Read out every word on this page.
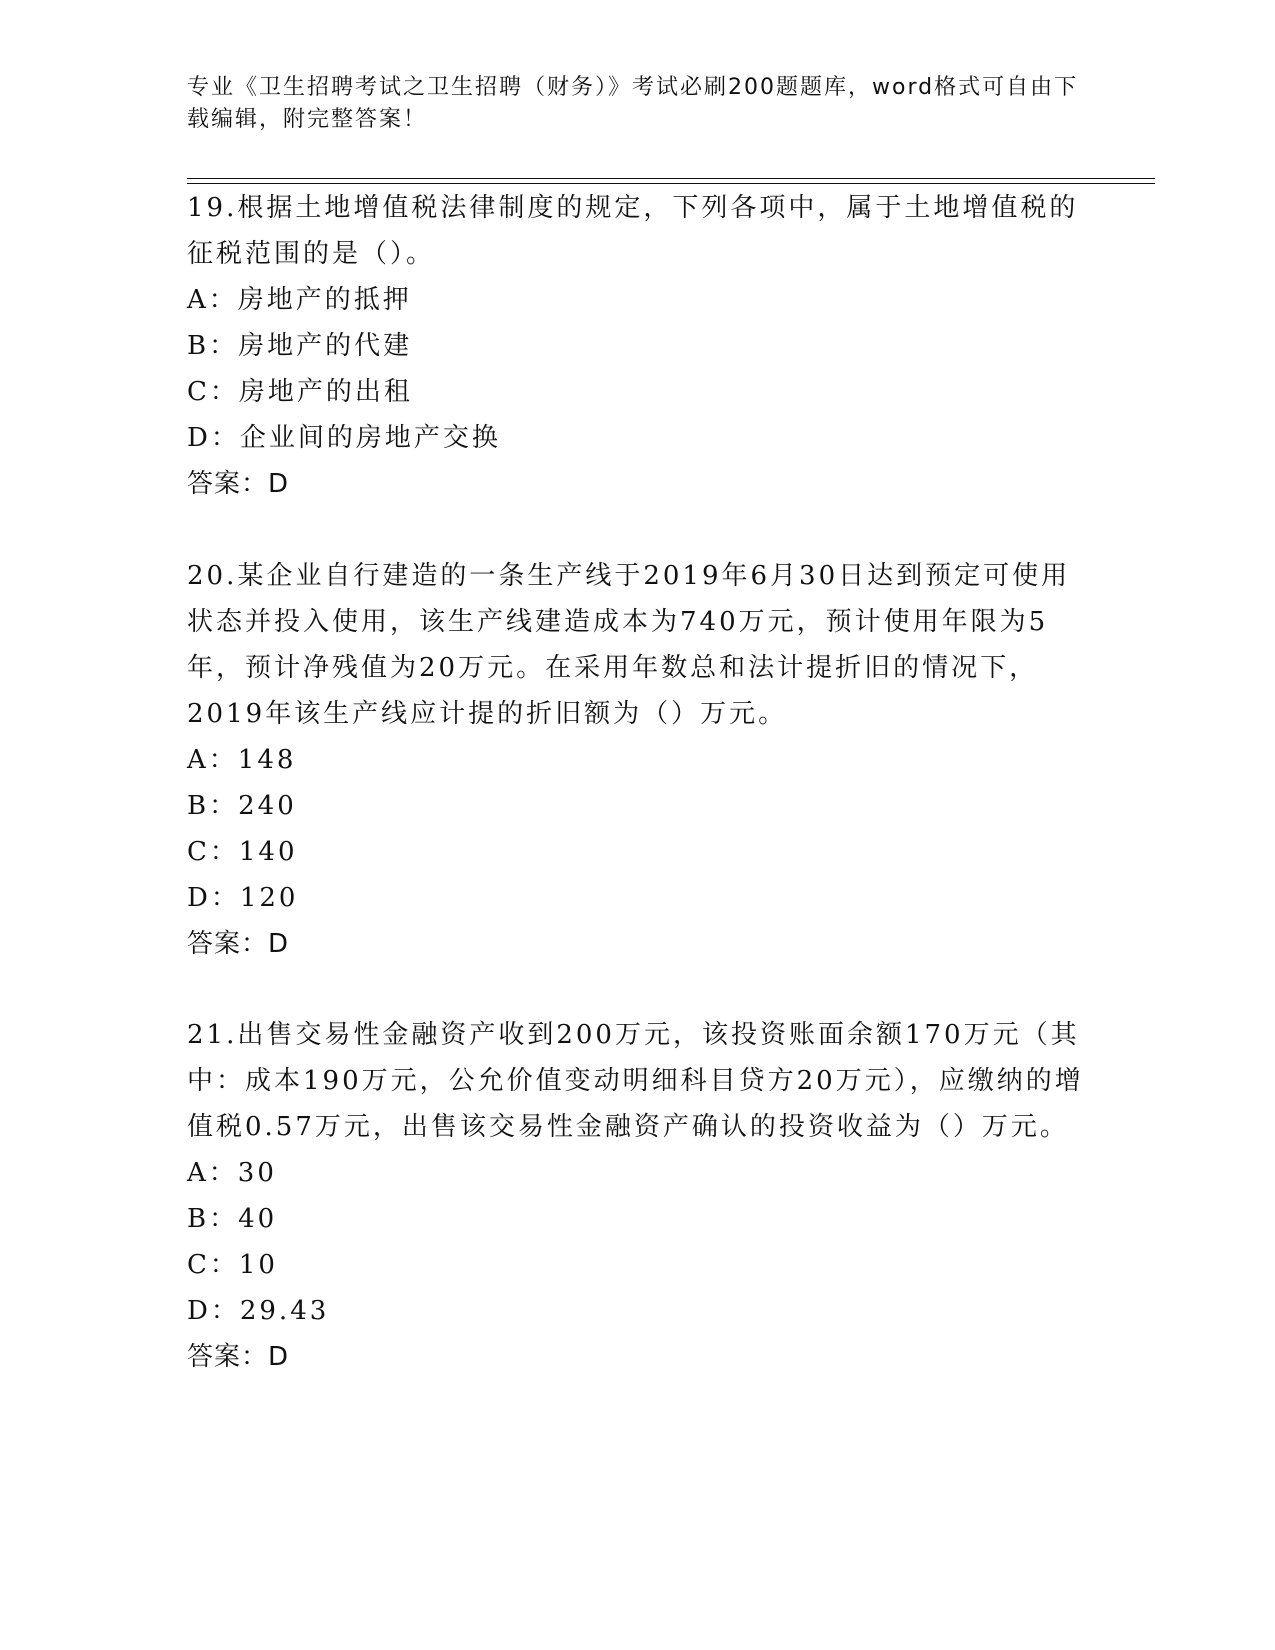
专业《卫生招聘考试之卫生招聘（财务）》考试必刷200题题库，word格式可自由下载编辑，附完整答案！

19.根据土地增值税法律制度的规定，下列各项中，属于土地增值税的征税范围的是（）。

A：房地产的抵押
B：房地产的代建
C：房地产的出租
D：企业间的房地产交换
答案：D

20.某企业自行建造的一条生产线于2019年6月30日达到预定可使用状态并投入使用，该生产线建造成本为740万元，预计使用年限为5年，预计净残值为20万元。在采用年数总和法计提折旧的情况下，2019年该生产线应计提的折旧额为（）万元。

A：148
B：240
C：140
D：120
答案：D

21.出售交易性金融资产收到200万元，该投资账面余额170万元（其中：成本190万元，公允价值变动明细科目贷方20万元），应缴纳的增值税0.57万元，出售该交易性金融资产确认的投资收益为（）万元。

A：30
B：40
C：10
D：29.43
答案：D
